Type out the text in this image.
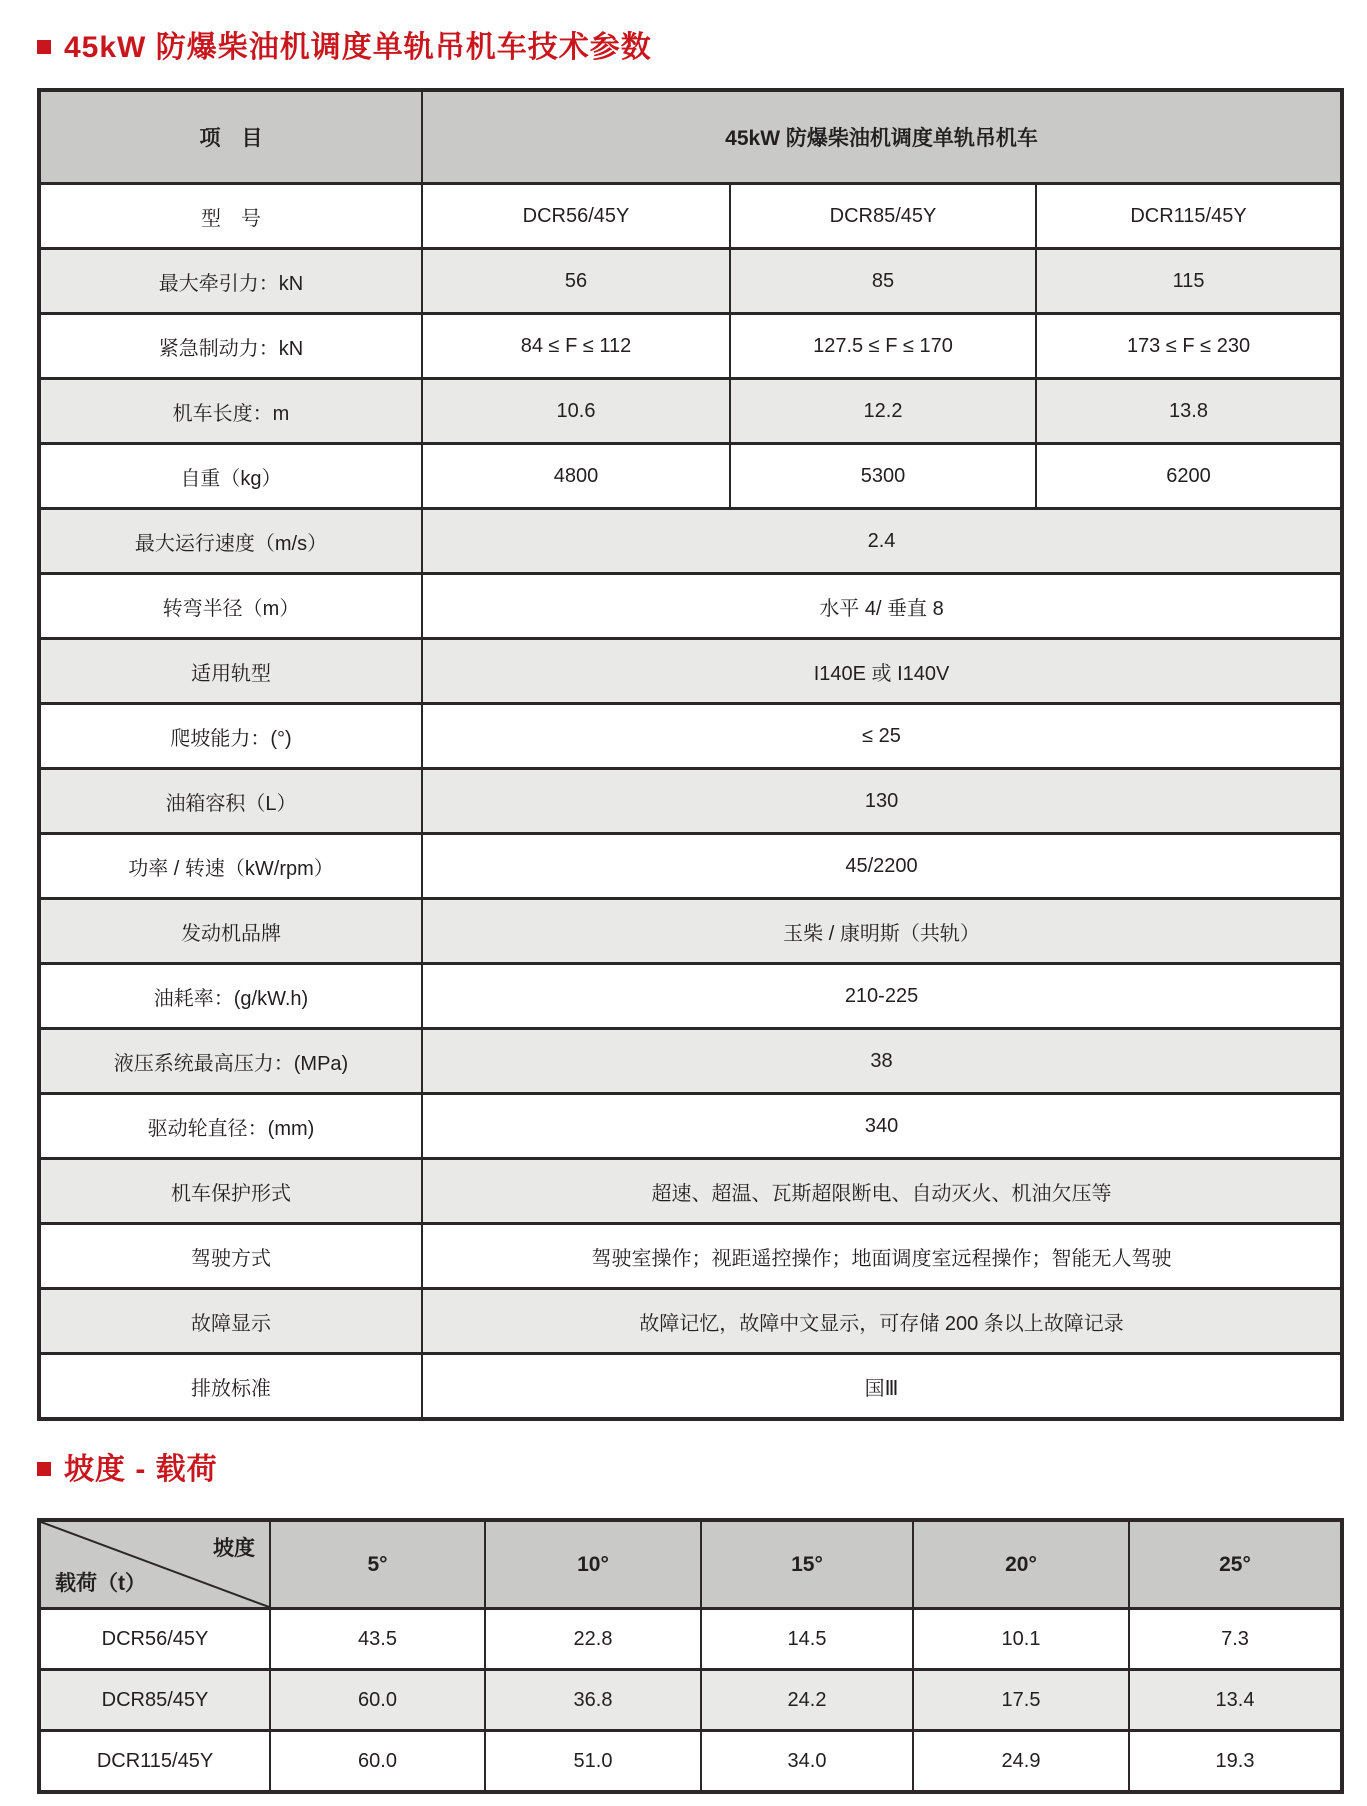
45kW 防爆柴油机调度单轨吊机车技术参数
项　目	45kW 防爆柴油机调度单轨吊机车		
型　号	DCR56/45Y	DCR85/45Y	DCR115/45Y
最大牵引力：kN	56	85	115
紧急制动力：kN	84 ≤ F ≤ 112	127.5 ≤ F ≤ 170	173 ≤ F ≤ 230
机车长度：m	10.6	12.2	13.8
自重（kg）	4800	5300	6200
最大运行速度（m/s）	2.4		
转弯半径（m）	水平 4/ 垂直 8		
适用轨型	I140E 或 I140V		
爬坡能力：(°)	≤ 25		
油箱容积（L）	130		
功率 / 转速（kW/rpm）	45/2200		
发动机品牌	玉柴 / 康明斯（共轨）		
油耗率：(g/kW.h)	210-225		
液压系统最高压力：(MPa)	38		
驱动轮直径：(mm)	340		
机车保护形式	超速、超温、瓦斯超限断电、自动灭火、机油欠压等		
驾驶方式	驾驶室操作；视距遥控操作；地面调度室远程操作；智能无人驾驶		
故障显示	故障记忆，故障中文显示，可存储 200 条以上故障记录		
排放标准	国Ⅲ		
坡度 - 载荷
坡度
载荷（t）	5°	10°	15°	20°	25°
DCR56/45Y	43.5	22.8	14.5	10.1	7.3
DCR85/45Y	60.0	36.8	24.2	17.5	13.4
DCR115/45Y	60.0	51.0	34.0	24.9	19.3
